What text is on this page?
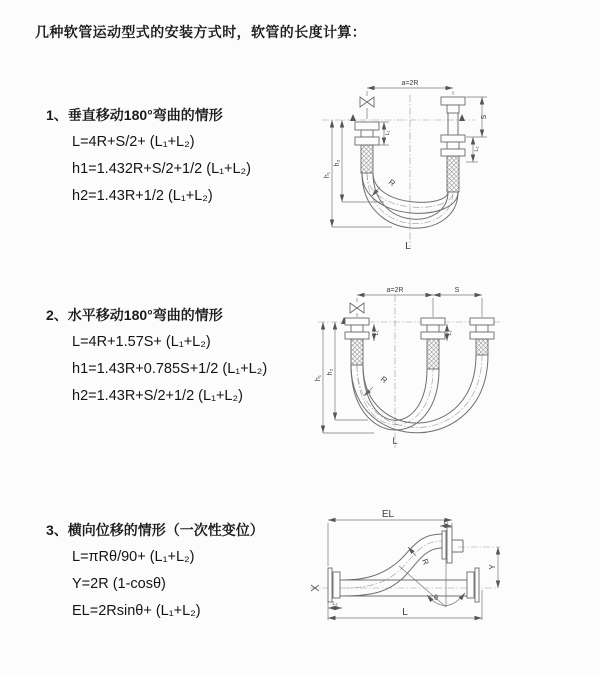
几种软管运动型式的安装方式时，软管的长度计算：
1、垂直移动180°弯曲的情形
L=4R+S/2+ (L₁+L₂)
h1=1.432R+S/2+1/2 (L₁+L₂)
h2=1.43R+1/2 (L₁+L₂)
2、水平移动180°弯曲的情形
L=4R+1.57S+ (L₁+L₂)
h1=1.43R+0.785S+1/2 (L₁+L₂)
h2=1.43R+S/2+1/2 (L₁+L₂)
3、横向位移的情形（一次性变位）
L=πRθ/90+ (L₁+L₂)
Y=2R (1-cosθ)
EL=2Rsinθ+ (L₁+L₂)
a=2R
S
h₁
h₂
L₁
L₂
R
L
a=2R	S
h₁
h₂
L₁	L₂
R
L
EL
L₁
Y
R
θ
L
L₂
